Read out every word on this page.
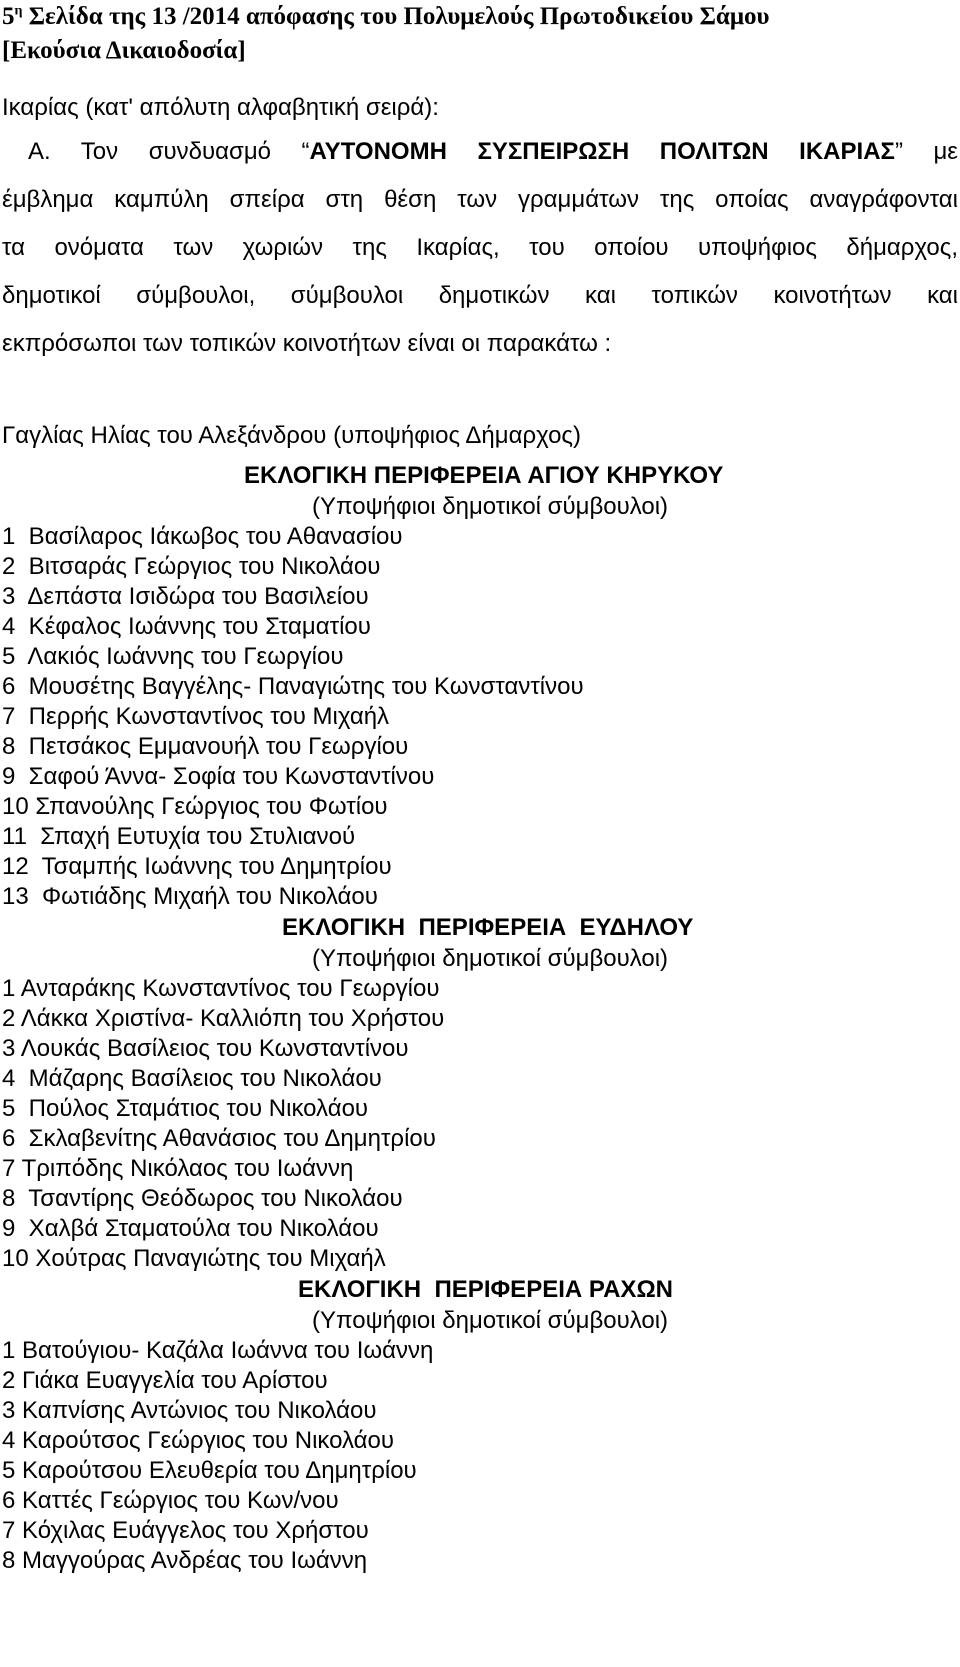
$5^\eta$ Σελίδα της 13 /2014 απόφασης του Πολυμελούς Πρωτοδικείου Σάμου
[Εκούσια Δικαιοδοσία]
Ικαρίας (κατ' απόλυτη αλφαβητική σειρά):
Α. Τον συνδυασμό “ΑΥΤΟΝΟΜΗ ΣΥΣΠΕΙΡΩΣΗ ΠΟΛΙΤΩΝ ΙΚΑΡΙΑΣ” με
έμβλημα καμπύλη σπείρα στη θέση των γραμμάτων της οποίας αναγράφονται
τα ονόματα των χωριών της Ικαρίας, του οποίου υποψήφιος δήμαρχος,
δημοτικοί σύμβουλοι, σύμβουλοι δημοτικών και τοπικών κοινοτήτων και
εκπρόσωποι των τοπικών κοινοτήτων είναι οι παρακάτω :
Γαγλίας Ηλίας του Αλεξάνδρου (υποψήφιος Δήμαρχος)
ΕΚΛΟΓΙΚΗ ΠΕΡΙΦΕΡΕΙΑ ΑΓΙΟΥ ΚΗΡΥΚΟΥ
(Υποψήφιοι δημοτικοί σύμβουλοι)
1  Βασίλαρος Ιάκωβος του Αθανασίου
2  Βιτσαράς Γεώργιος του Νικολάου
3  Δεπάστα Ισιδώρα του Βασιλείου
4  Κέφαλος Ιωάννης του Σταματίου
5  Λακιός Ιωάννης του Γεωργίου
6  Μουσέτης Βαγγέλης- Παναγιώτης του Κωνσταντίνου
7  Περρής Κωνσταντίνος του Μιχαήλ
8  Πετσάκος Εμμανουήλ του Γεωργίου
9  Σαφού Άννα- Σοφία του Κωνσταντίνου
10 Σπανούλης Γεώργιος του Φωτίου
11  Σπαχή Ευτυχία του Στυλιανού
12  Τσαμπής Ιωάννης του Δημητρίου
13  Φωτιάδης Μιχαήλ του Νικολάου
ΕΚΛΟΓΙΚΗ  ΠΕΡΙΦΕΡΕΙΑ  ΕΥΔΗΛΟΥ
(Υποψήφιοι δημοτικοί σύμβουλοι)
1 Ανταράκης Κωνσταντίνος του Γεωργίου
2 Λάκκα Χριστίνα- Καλλιόπη του Χρήστου
3 Λουκάς Βασίλειος του Κωνσταντίνου
4  Μάζαρης Βασίλειος του Νικολάου
5  Πούλος Σταμάτιος του Νικολάου
6  Σκλαβενίτης Αθανάσιος του Δημητρίου
7 Τριπόδης Νικόλαος του Ιωάννη
8  Τσαντίρης Θεόδωρος του Νικολάου
9  Χαλβά Σταματούλα του Νικολάου
10 Χούτρας Παναγιώτης του Μιχαήλ
ΕΚΛΟΓΙΚΗ  ΠΕΡΙΦΕΡΕΙΑ ΡΑΧΩΝ
(Υποψήφιοι δημοτικοί σύμβουλοι)
1 Βατούγιου- Καζάλα Ιωάννα του Ιωάννη
2 Γιάκα Ευαγγελία του Αρίστου
3 Καπνίσης Αντώνιος του Νικολάου
4 Καρούτσος Γεώργιος του Νικολάου
5 Καρούτσου Ελευθερία του Δημητρίου
6 Καττές Γεώργιος του Κων/νου
7 Κόχιλας Ευάγγελος του Χρήστου
8 Μαγγούρας Ανδρέας του Ιωάννη
